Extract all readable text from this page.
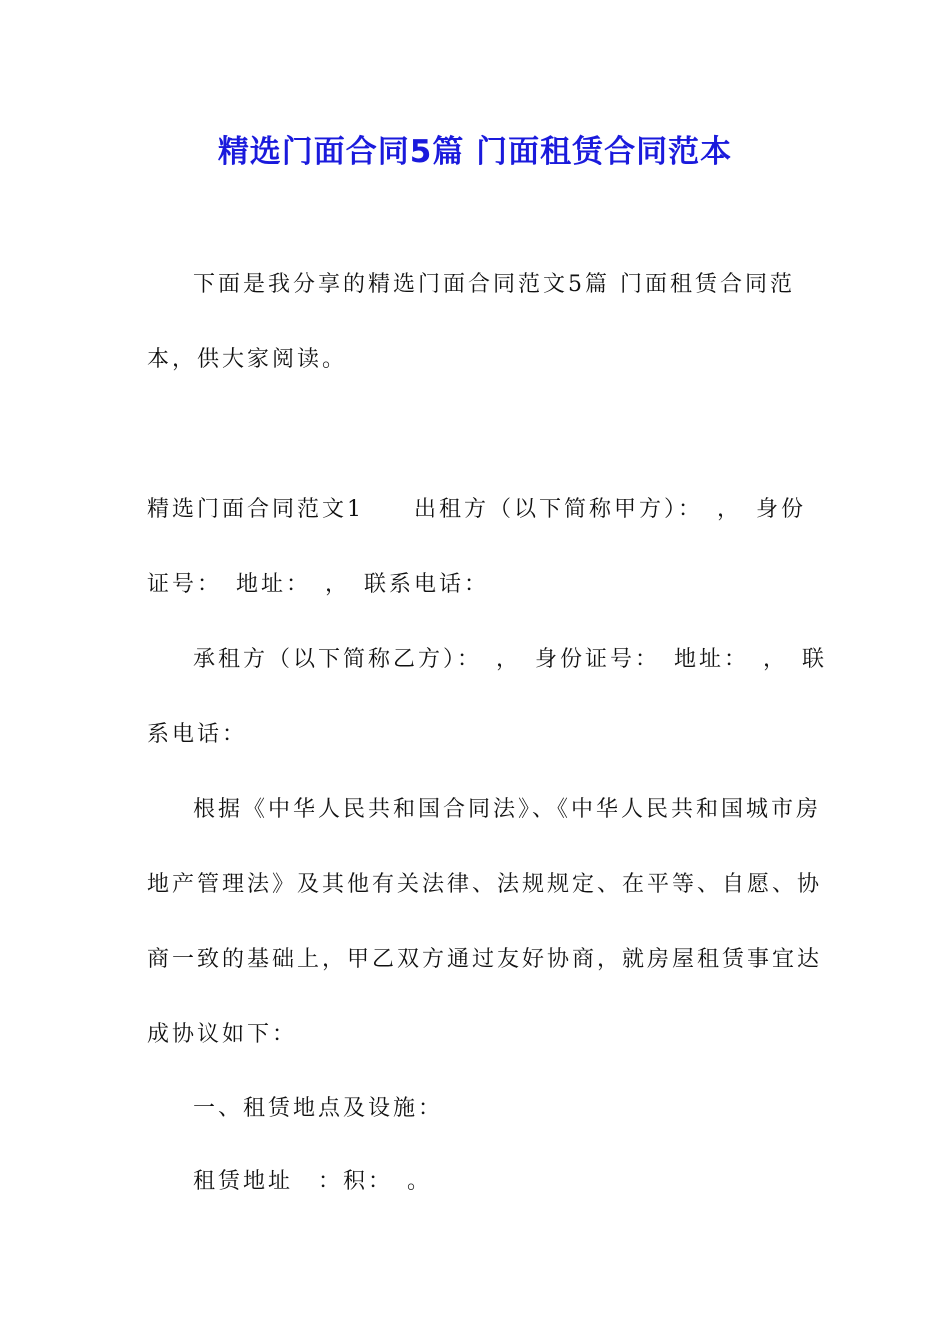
精选门面合同5篇 门面租赁合同范本

下面是我分享的精选门面合同范文5篇 门面租赁合同范本，供大家阅读。

精选门面合同范文1　　出租方（以下简称甲方）：　，　身份证号：　地址：　，　联系电话：

承租方（以下简称乙方）：　，　身份证号：　地址：　，　联系电话：

根据《中华人民共和国合同法》、《中华人民共和国城市房地产管理法》及其他有关法律、法规规定、在平等、自愿、协商一致的基础上，甲乙双方通过友好协商，就房屋租赁事宜达成协议如下：

一、租赁地点及设施：
租赁地址　：积：　。
